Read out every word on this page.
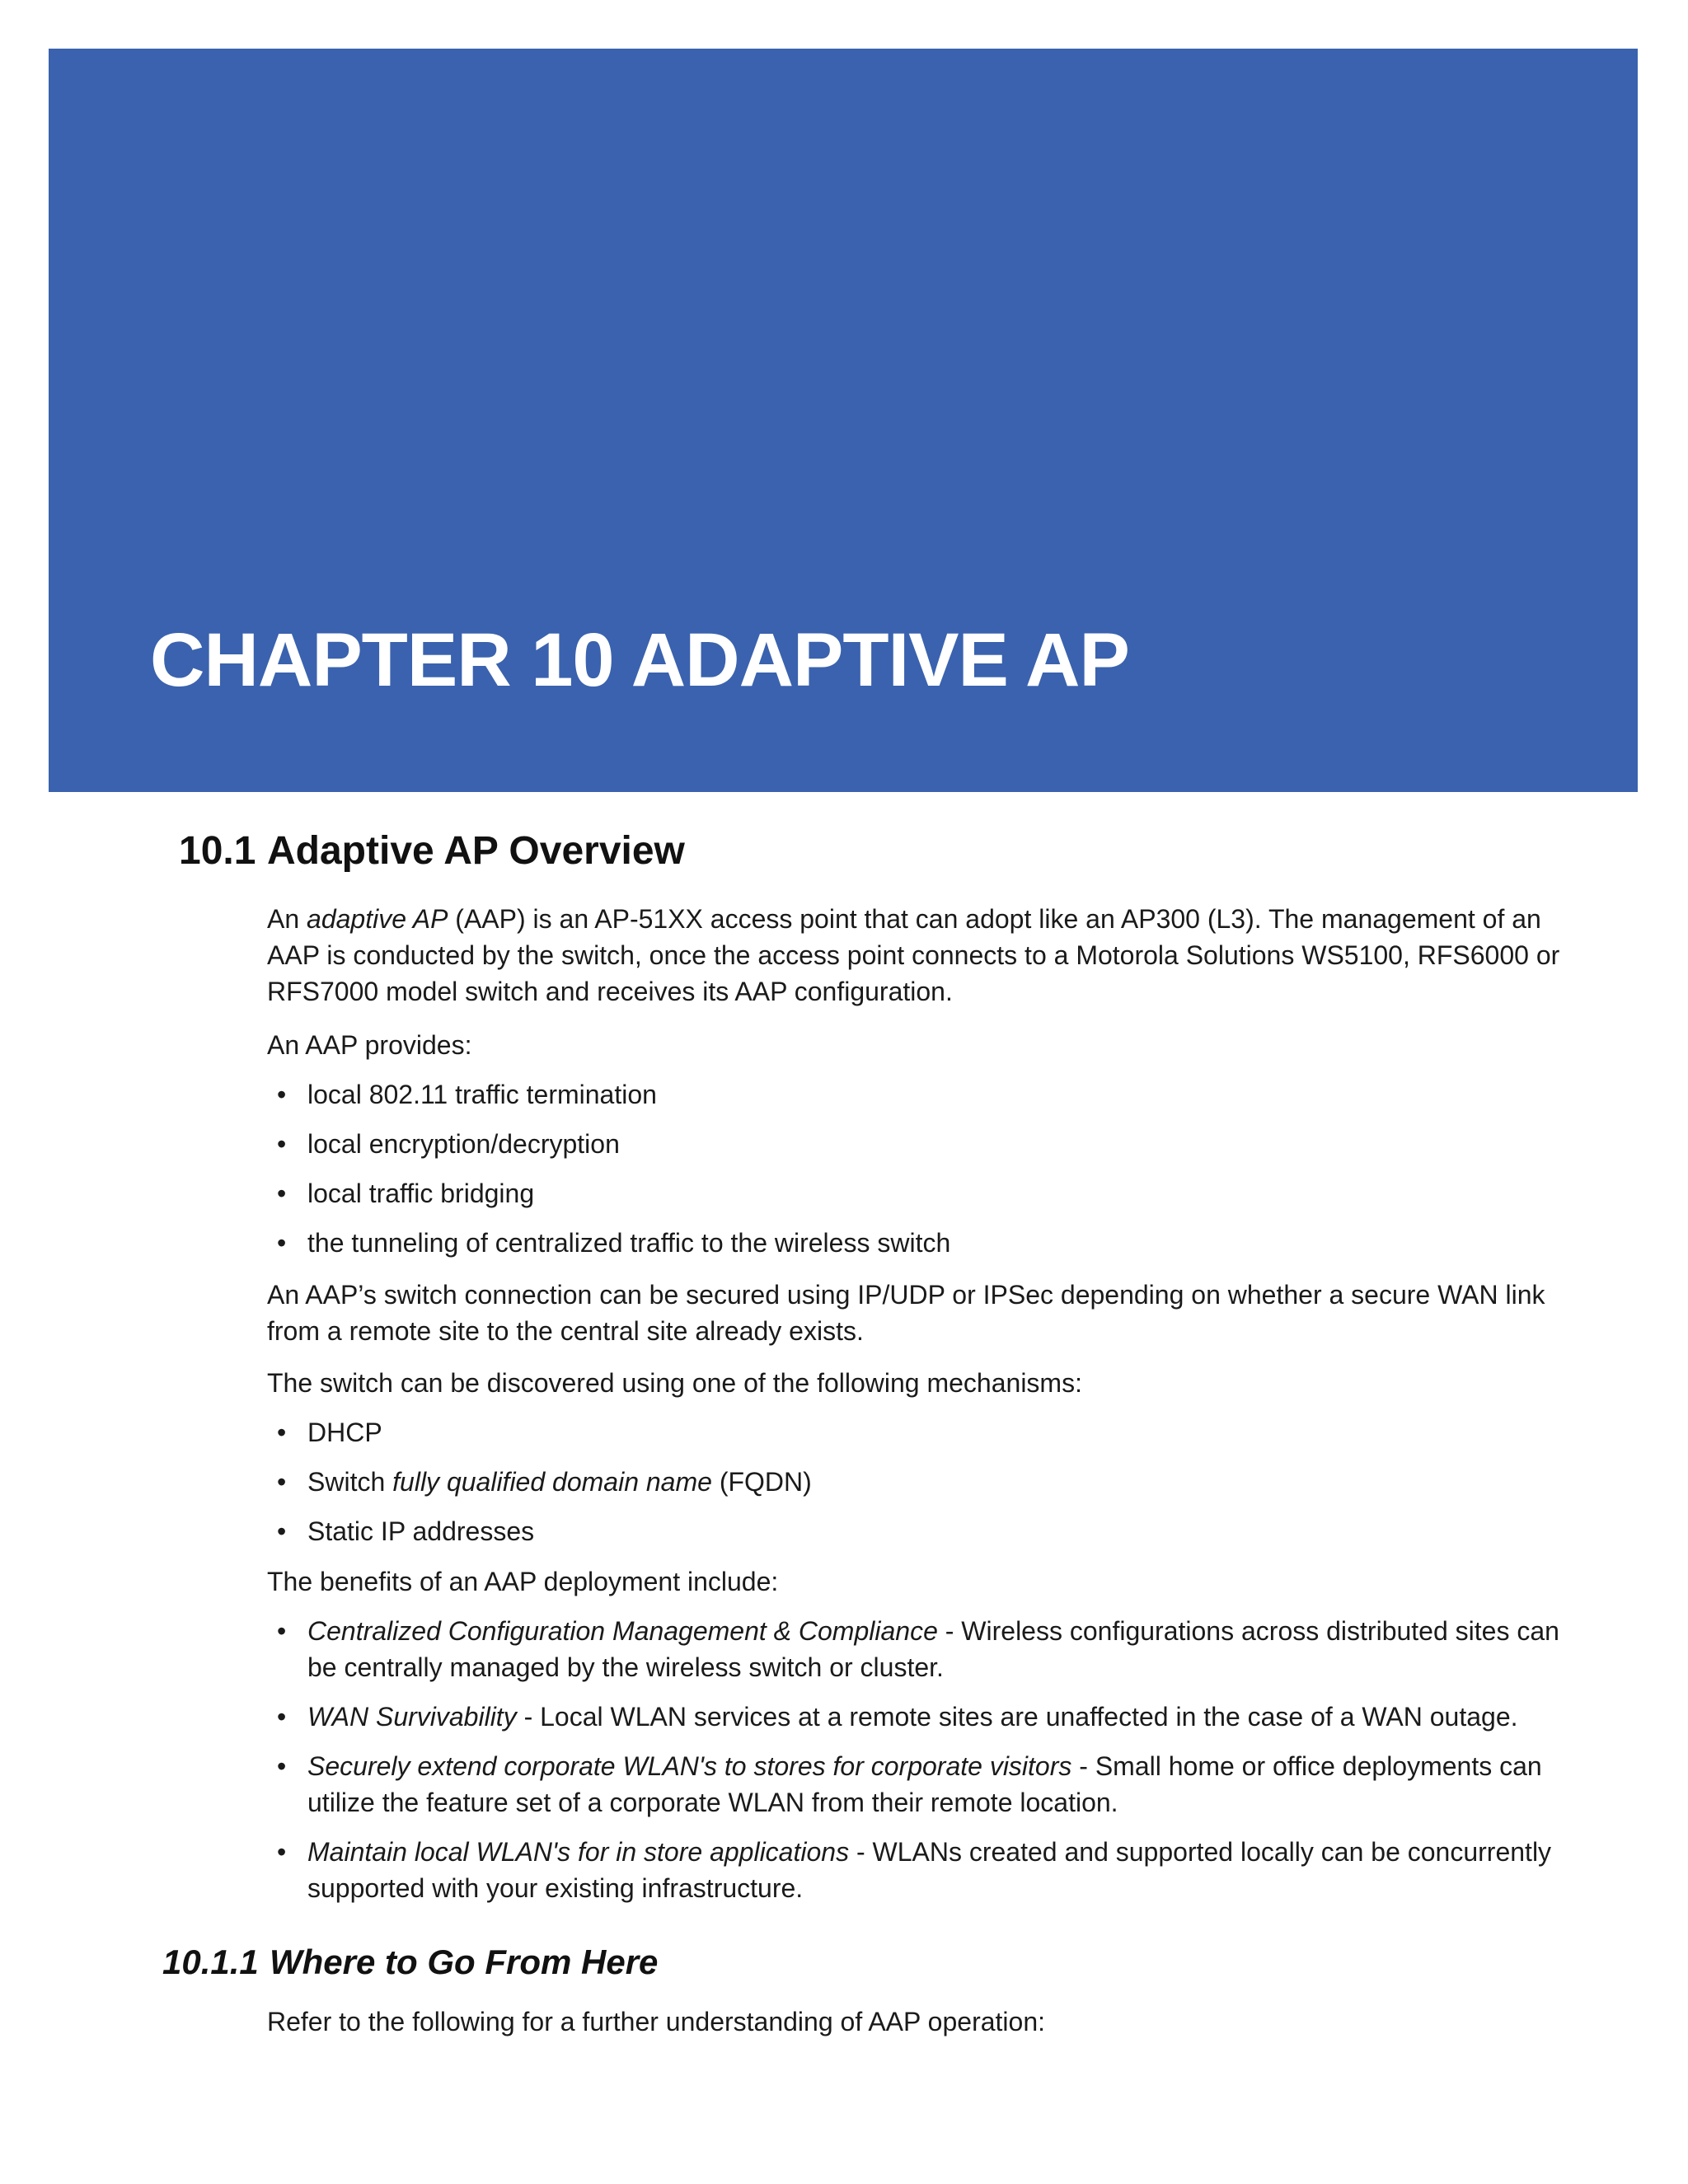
CHAPTER 10 ADAPTIVE AP
10.1 Adaptive AP Overview

An adaptive AP (AAP) is an AP-51XX access point that can adopt like an AP300 (L3). The management of an AAP is conducted by the switch, once the access point connects to a Motorola Solutions WS5100, RFS6000 or RFS7000 model switch and receives its AAP configuration.

An AAP provides:

• local 802.11 traffic termination
• local encryption/decryption
• local traffic bridging
• the tunneling of centralized traffic to the wireless switch

An AAP’s switch connection can be secured using IP/UDP or IPSec depending on whether a secure WAN link from a remote site to the central site already exists.

The switch can be discovered using one of the following mechanisms:

• DHCP
• Switch fully qualified domain name (FQDN)
• Static IP addresses

The benefits of an AAP deployment include:

• Centralized Configuration Management & Compliance - Wireless configurations across distributed sites can be centrally managed by the wireless switch or cluster.
• WAN Survivability - Local WLAN services at a remote sites are unaffected in the case of a WAN outage.
• Securely extend corporate WLAN's to stores for corporate visitors - Small home or office deployments can utilize the feature set of a corporate WLAN from their remote location.
• Maintain local WLAN's for in store applications - WLANs created and supported locally can be concurrently supported with your existing infrastructure.
10.1.1 Where to Go From Here

Refer to the following for a further understanding of AAP operation:
